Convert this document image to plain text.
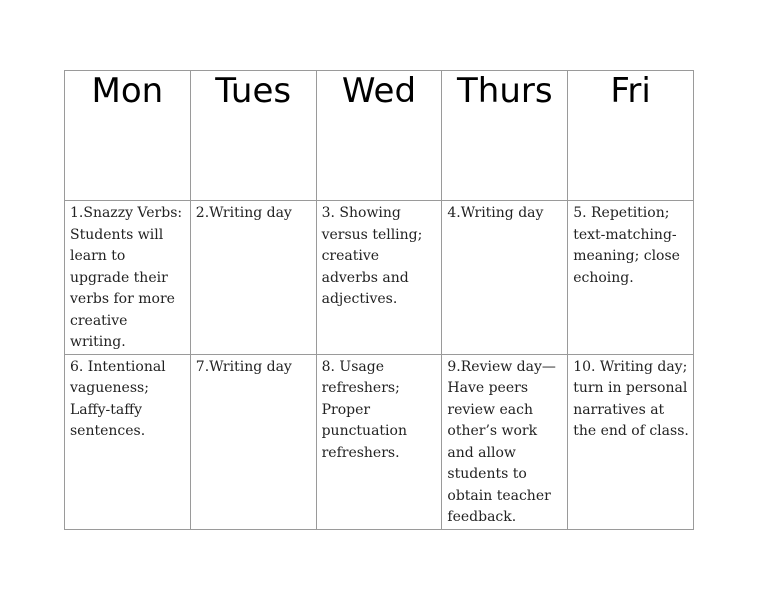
Mon	Tues	Wed	Thurs	Fri
1.Snazzy Verbs: Students will learn to upgrade their verbs for more creative writing.	2.Writing day	3. Showing versus telling; creative adverbs and adjectives.	4.Writing day	5. Repetition; text-matching-meaning; close echoing.
6. Intentional vagueness; Laffy-taffy sentences.	7.Writing day	8. Usage refreshers; Proper punctuation refreshers.	9.Review day— Have peers review each other’s work and allow students to obtain teacher feedback.	10. Writing day; turn in personal narratives at the end of class.
